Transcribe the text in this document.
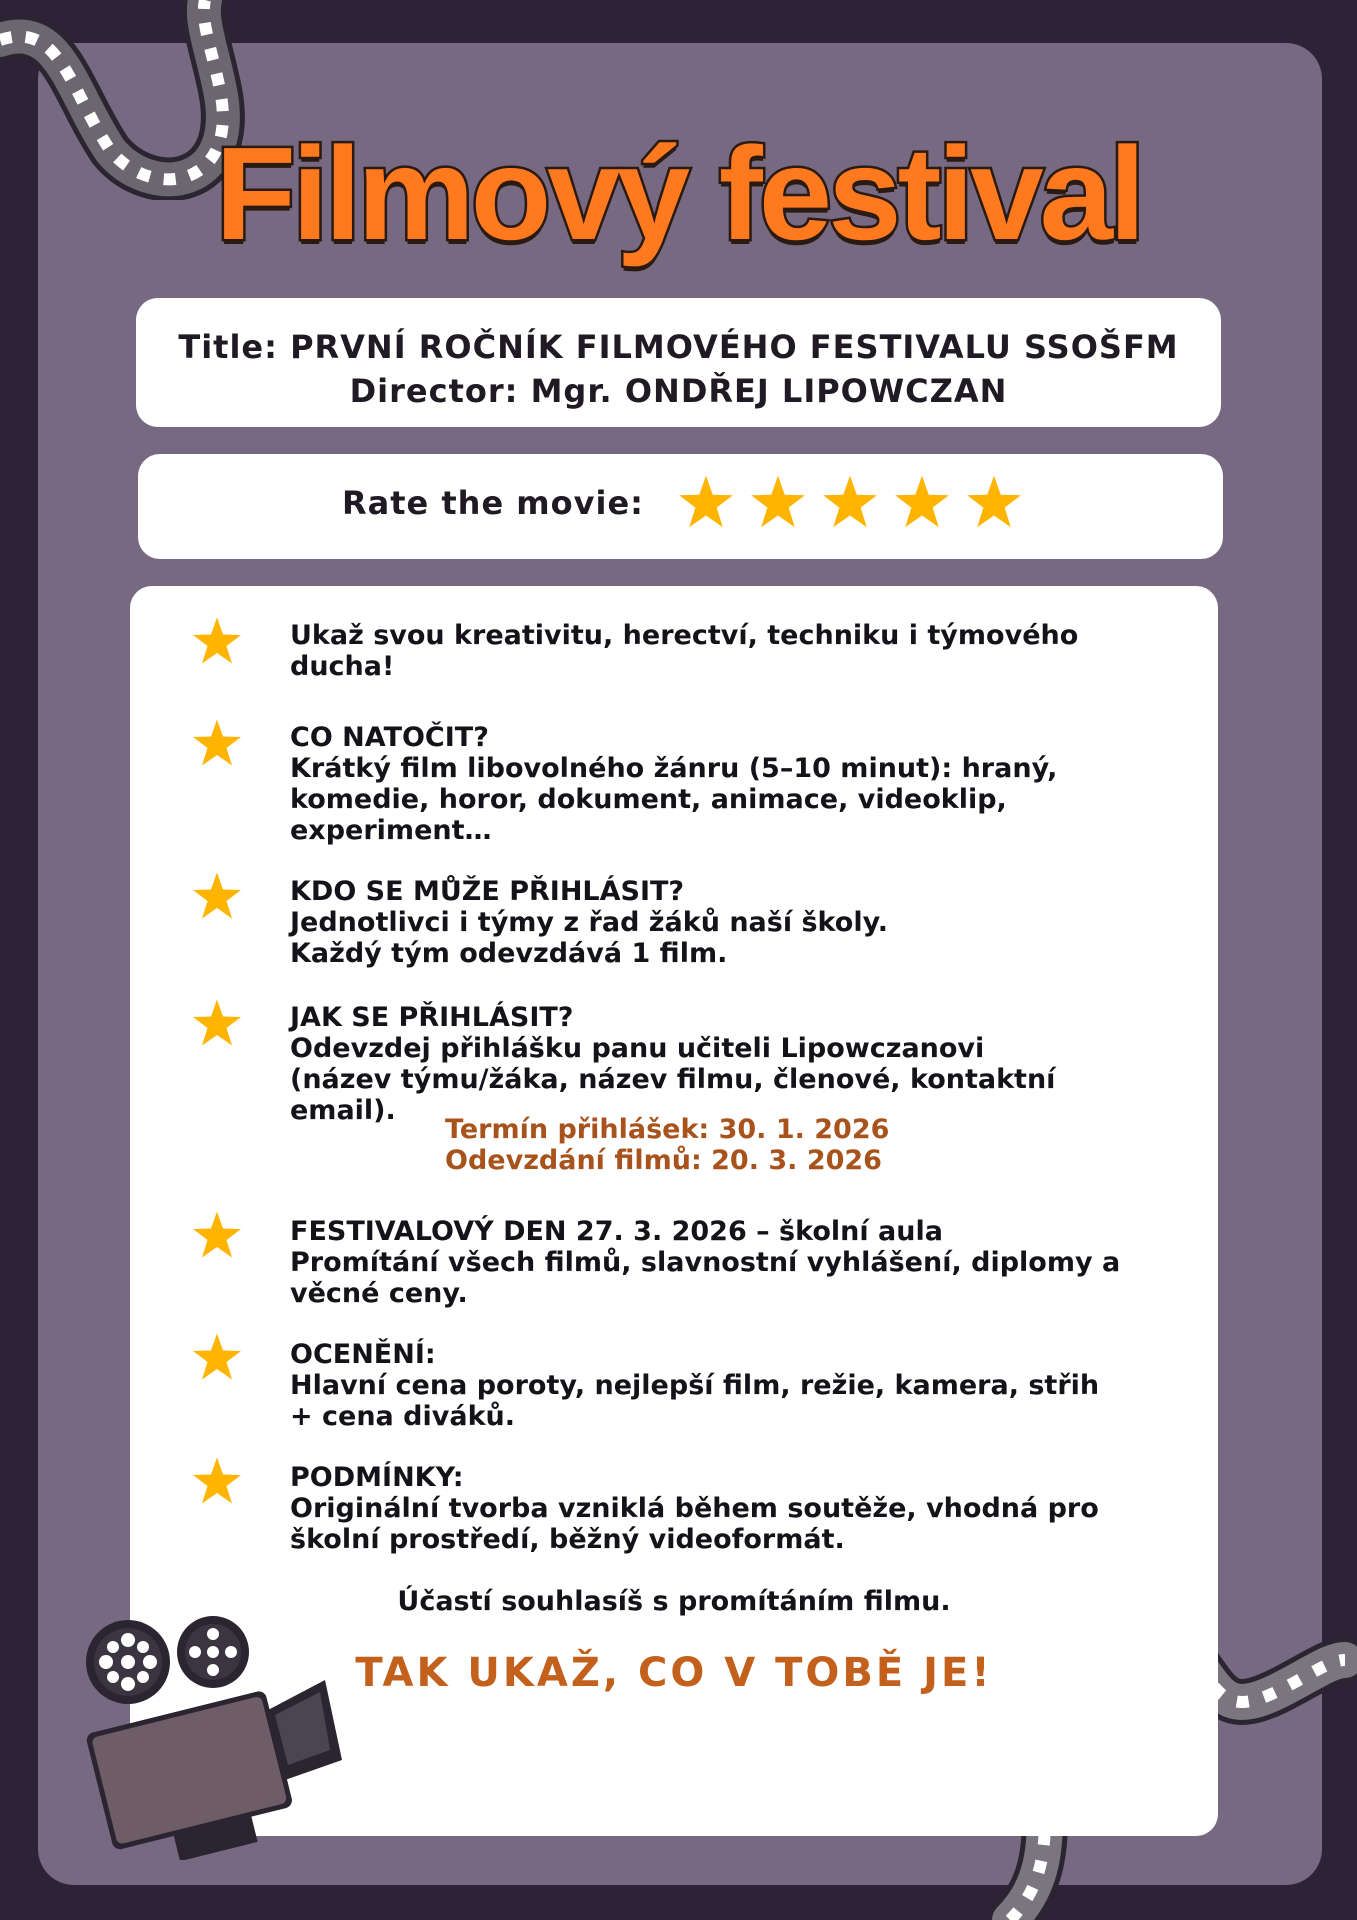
Filmový festival
Title: PRVNÍ ROČNÍK FILMOVÉHO FESTIVALU SSOŠFM
Director: Mgr. ONDŘEJ LIPOWCZAN
Rate the movie:
Ukaž svou kreativitu, herectví, techniku i týmového
ducha!
CO NATOČIT?
Krátký film libovolného žánru (5–10 minut): hraný,
komedie, horor, dokument, animace, videoklip,
experiment…
KDO SE MŮŽE PŘIHLÁSIT?
Jednotlivci i týmy z řad žáků naší školy.
Každý tým odevzdává 1 film.
JAK SE PŘIHLÁSIT?
Odevzdej přihlášku panu učiteli Lipowczanovi
(název týmu/žáka, název filmu, členové, kontaktní
email).
FESTIVALOVÝ DEN 27. 3. 2026 – školní aula
Promítání všech filmů, slavnostní vyhlášení, diplomy a
věcné ceny.
OCENĚNÍ:
Hlavní cena poroty, nejlepší film, režie, kamera, střih
+ cena diváků.
PODMÍNKY:
Originální tvorba vzniklá během soutěže, vhodná pro
školní prostředí, běžný videoformát.
Termín přihlášek: 30. 1. 2026
Odevzdání filmů: 20. 3. 2026
Účastí souhlasíš s promítáním filmu.
TAK UKAŽ, CO V TOBĚ JE!
